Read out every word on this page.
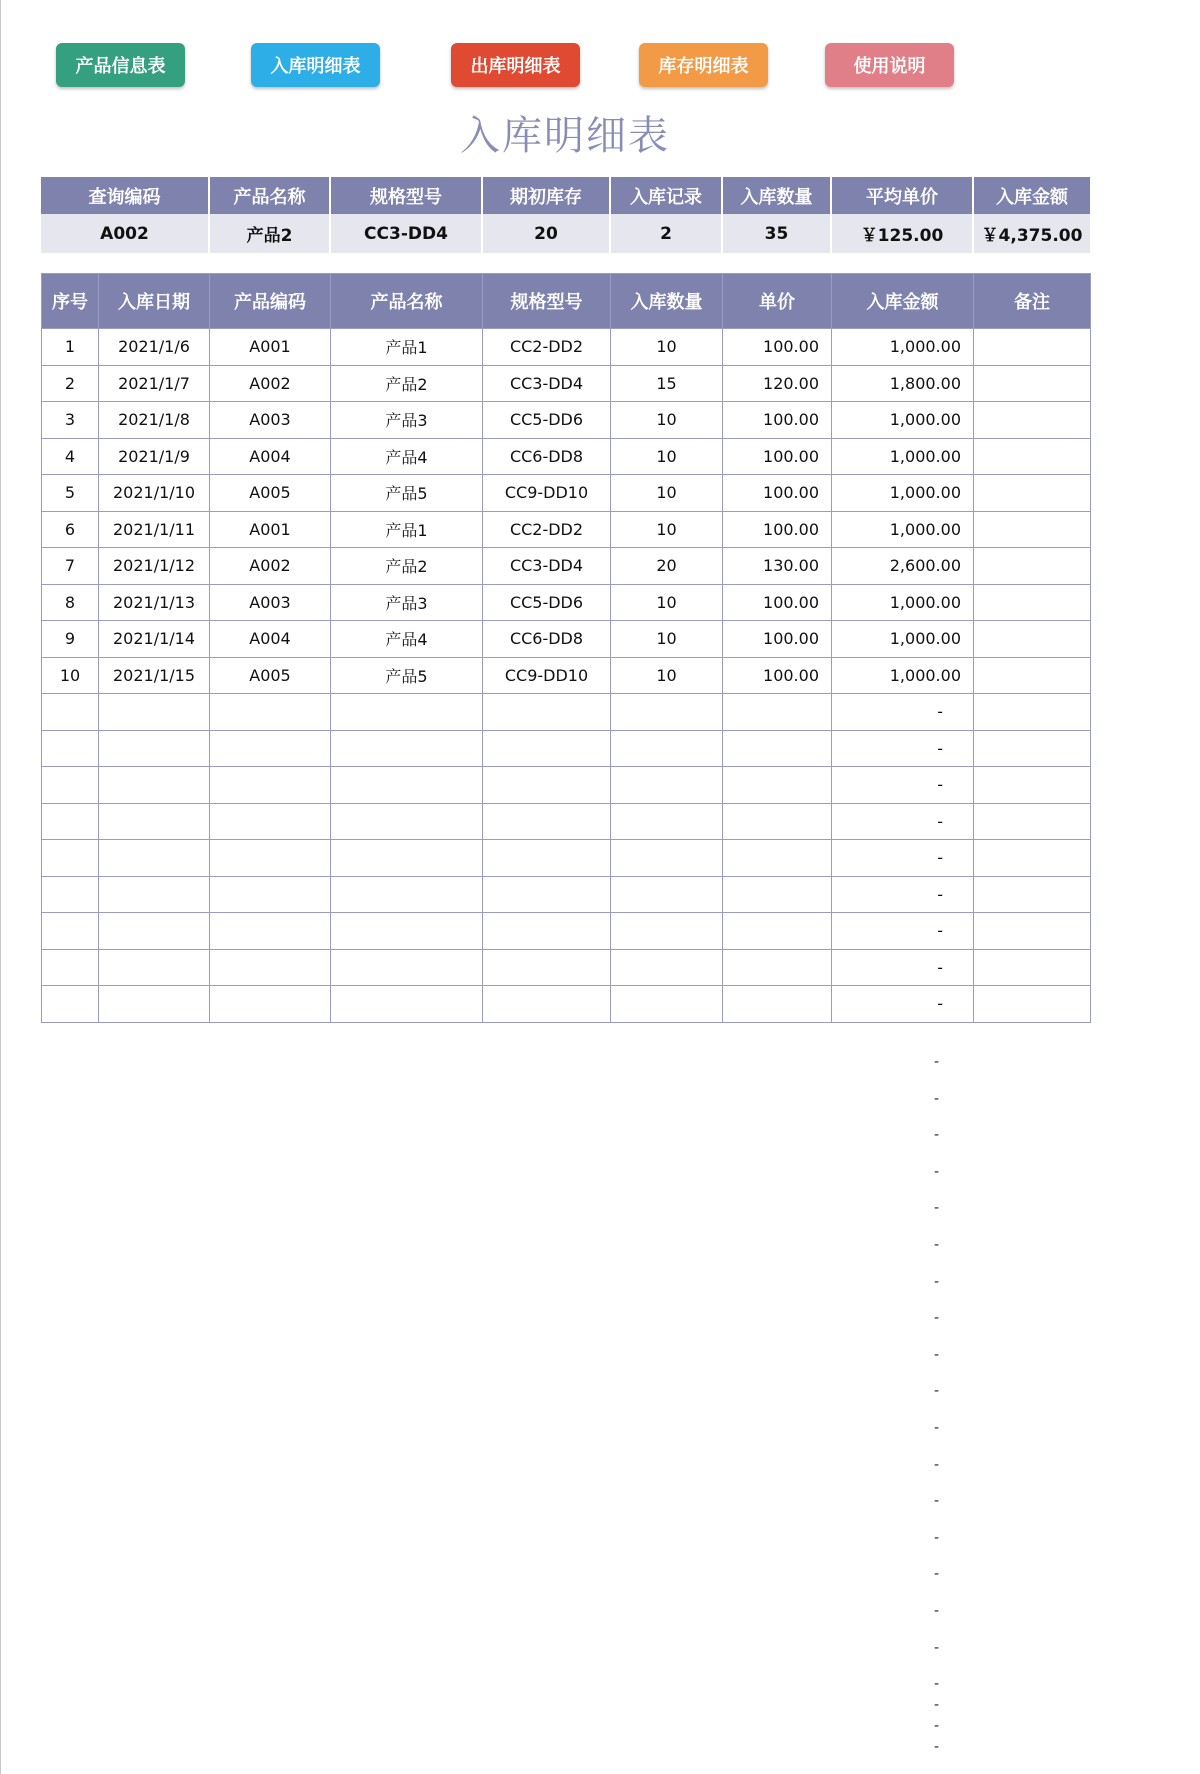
产品信息表	入库明细表	出库明细表	库存明细表	使用说明
入库明细表
查询编码	产品名称	规格型号	期初库存	入库记录	入库数量	平均单价	入库金额
A002	产品2	CC3-DD4	20	2	35	￥125.00	￥4,375.00
序号	入库日期	产品编码	产品名称	规格型号	入库数量	单价	入库金额	备注
1	2021/1/6	A001	产品1	CC2-DD2	10	100.00	1,000.00	
2	2021/1/7	A002	产品2	CC3-DD4	15	120.00	1,800.00	
3	2021/1/8	A003	产品3	CC5-DD6	10	100.00	1,000.00	
4	2021/1/9	A004	产品4	CC6-DD8	10	100.00	1,000.00	
5	2021/1/10	A005	产品5	CC9-DD10	10	100.00	1,000.00	
6	2021/1/11	A001	产品1	CC2-DD2	10	100.00	1,000.00	
7	2021/1/12	A002	产品2	CC3-DD4	20	130.00	2,600.00	
8	2021/1/13	A003	产品3	CC5-DD6	10	100.00	1,000.00	
9	2021/1/14	A004	产品4	CC6-DD8	10	100.00	1,000.00	
10	2021/1/15	A005	产品5	CC9-DD10	10	100.00	1,000.00	
							-	
							-	
							-	
							-	
							-	
							-	
							-	
							-	
							-	
-
-
-
-
-
-
-
-
-
-
-
-
-
-
-
-
-
-
-
-
-
